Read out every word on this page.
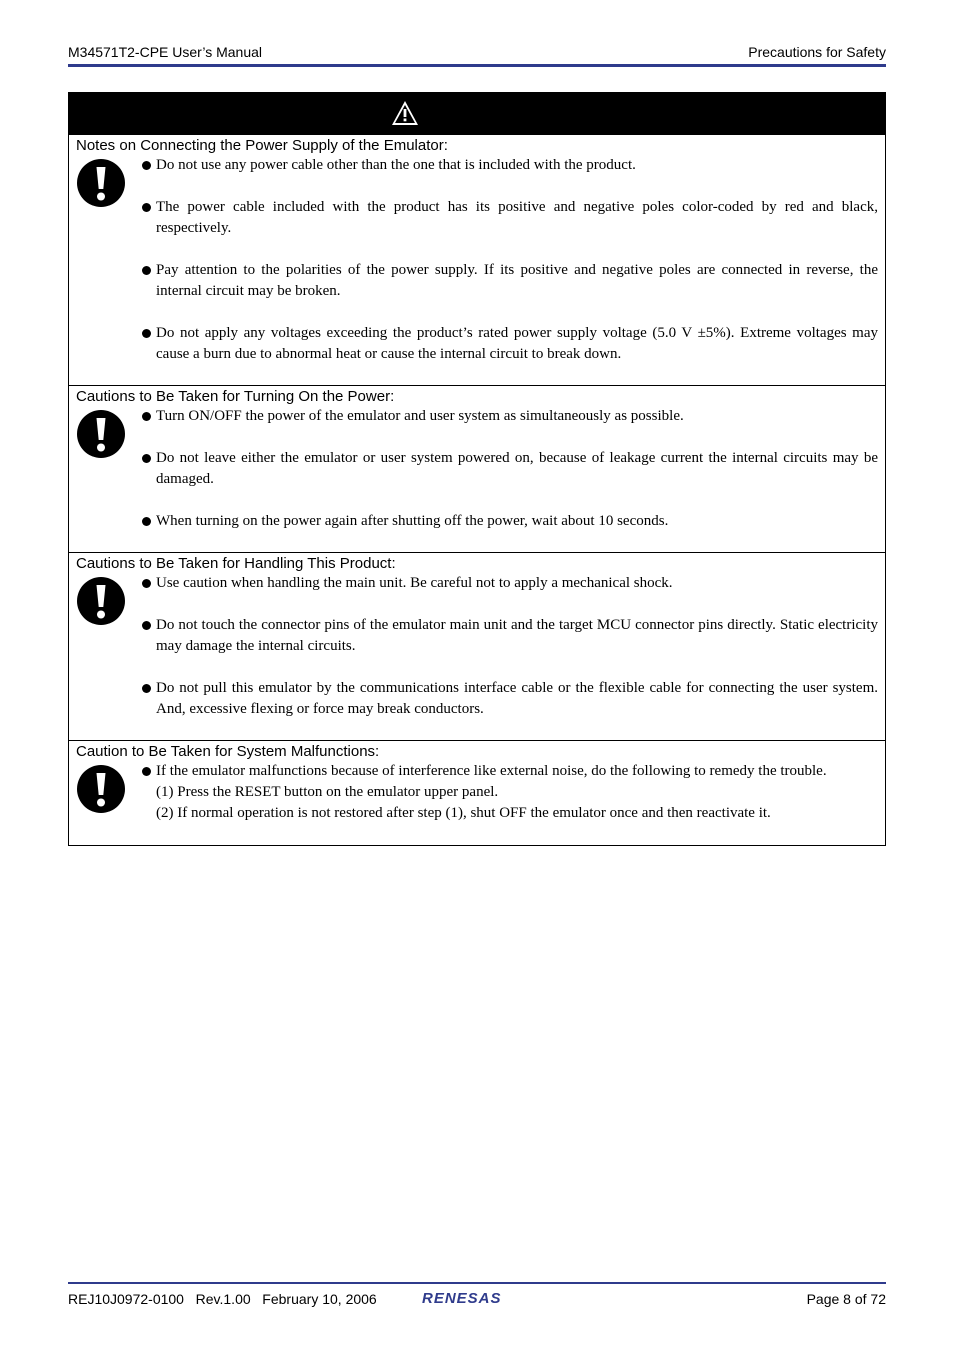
M34571T2-CPE User’s Manual	Precautions for Safety
Notes on Connecting the Power Supply of the Emulator:
Do not use any power cable other than the one that is included with the product.
The power cable included with the product has its positive and negative poles color-coded by red and black, respectively.
Pay attention to the polarities of the power supply. If its positive and negative poles are connected in reverse, the internal circuit may be broken.
Do not apply any voltages exceeding the product’s rated power supply voltage (5.0 V ±5%). Extreme voltages may cause a burn due to abnormal heat or cause the internal circuit to break down.
Cautions to Be Taken for Turning On the Power:
Turn ON/OFF the power of the emulator and user system as simultaneously as possible.
Do not leave either the emulator or user system powered on, because of leakage current the internal circuits may be damaged.
When turning on the power again after shutting off the power, wait about 10 seconds.
Cautions to Be Taken for Handling This Product:
Use caution when handling the main unit. Be careful not to apply a mechanical shock.
Do not touch the connector pins of the emulator main unit and the target MCU connector pins directly. Static electricity may damage the internal circuits.
Do not pull this emulator by the communications interface cable or the flexible cable for connecting the user system. And, excessive flexing or force may break conductors.
Caution to Be Taken for System Malfunctions:
If the emulator malfunctions because of interference like external noise, do the following to remedy the trouble.
(1) Press the RESET button on the emulator upper panel.
(2) If normal operation is not restored after step (1), shut OFF the emulator once and then reactivate it.
REJ10J0972-0100   Rev.1.00   February 10, 2006	RENESAS	Page 8 of 72
